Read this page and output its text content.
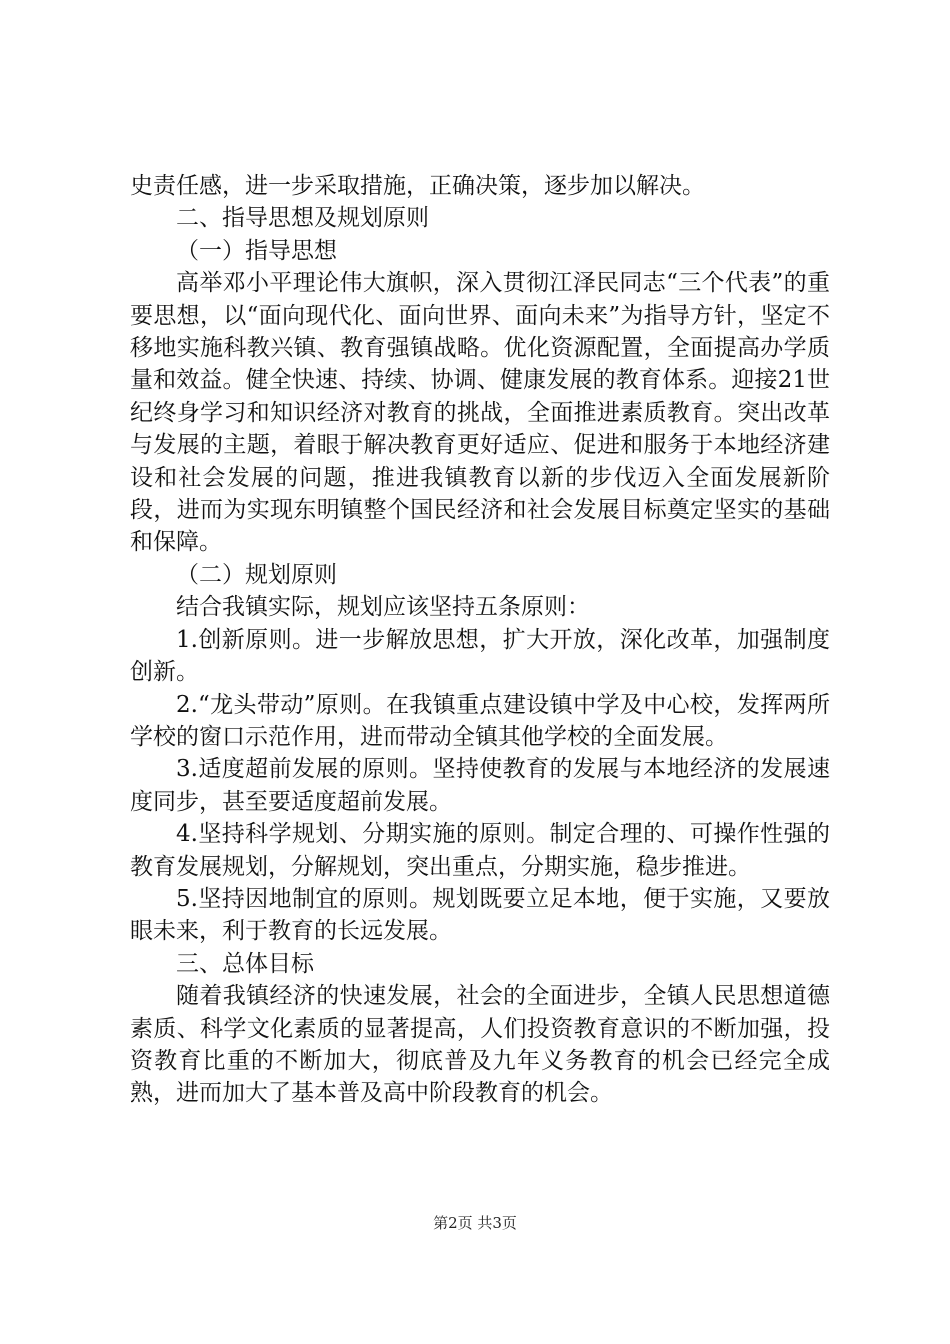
史责任感，进一步采取措施，正确决策，逐步加以解决。

二、指导思想及规划原则

（一）指导思想

高举邓小平理论伟大旗帜，深入贯彻江泽民同志“三个代表”的重要思想，以“面向现代化、面向世界、面向未来”为指导方针，坚定不移地实施科教兴镇、教育强镇战略。优化资源配置，全面提高办学质量和效益。健全快速、持续、协调、健康发展的教育体系。迎接21世纪终身学习和知识经济对教育的挑战，全面推进素质教育。突出改革与发展的主题，着眼于解决教育更好适应、促进和服务于本地经济建设和社会发展的问题，推进我镇教育以新的步伐迈入全面发展新阶段，进而为实现东明镇整个国民经济和社会发展目标奠定坚实的基础和保障。

（二）规划原则

结合我镇实际，规划应该坚持五条原则：

1.创新原则。进一步解放思想，扩大开放，深化改革，加强制度创新。

2.“龙头带动”原则。在我镇重点建设镇中学及中心校，发挥两所学校的窗口示范作用，进而带动全镇其他学校的全面发展。

3.适度超前发展的原则。坚持使教育的发展与本地经济的发展速度同步，甚至要适度超前发展。

4.坚持科学规划、分期实施的原则。制定合理的、可操作性强的教育发展规划，分解规划，突出重点，分期实施，稳步推进。

5.坚持因地制宜的原则。规划既要立足本地，便于实施，又要放眼未来，利于教育的长远发展。

三、总体目标

随着我镇经济的快速发展，社会的全面进步，全镇人民思想道德素质、科学文化素质的显著提高，人们投资教育意识的不断加强，投资教育比重的不断加大，彻底普及九年义务教育的机会已经完全成熟，进而加大了基本普及高中阶段教育的机会。

第2页 共3页
